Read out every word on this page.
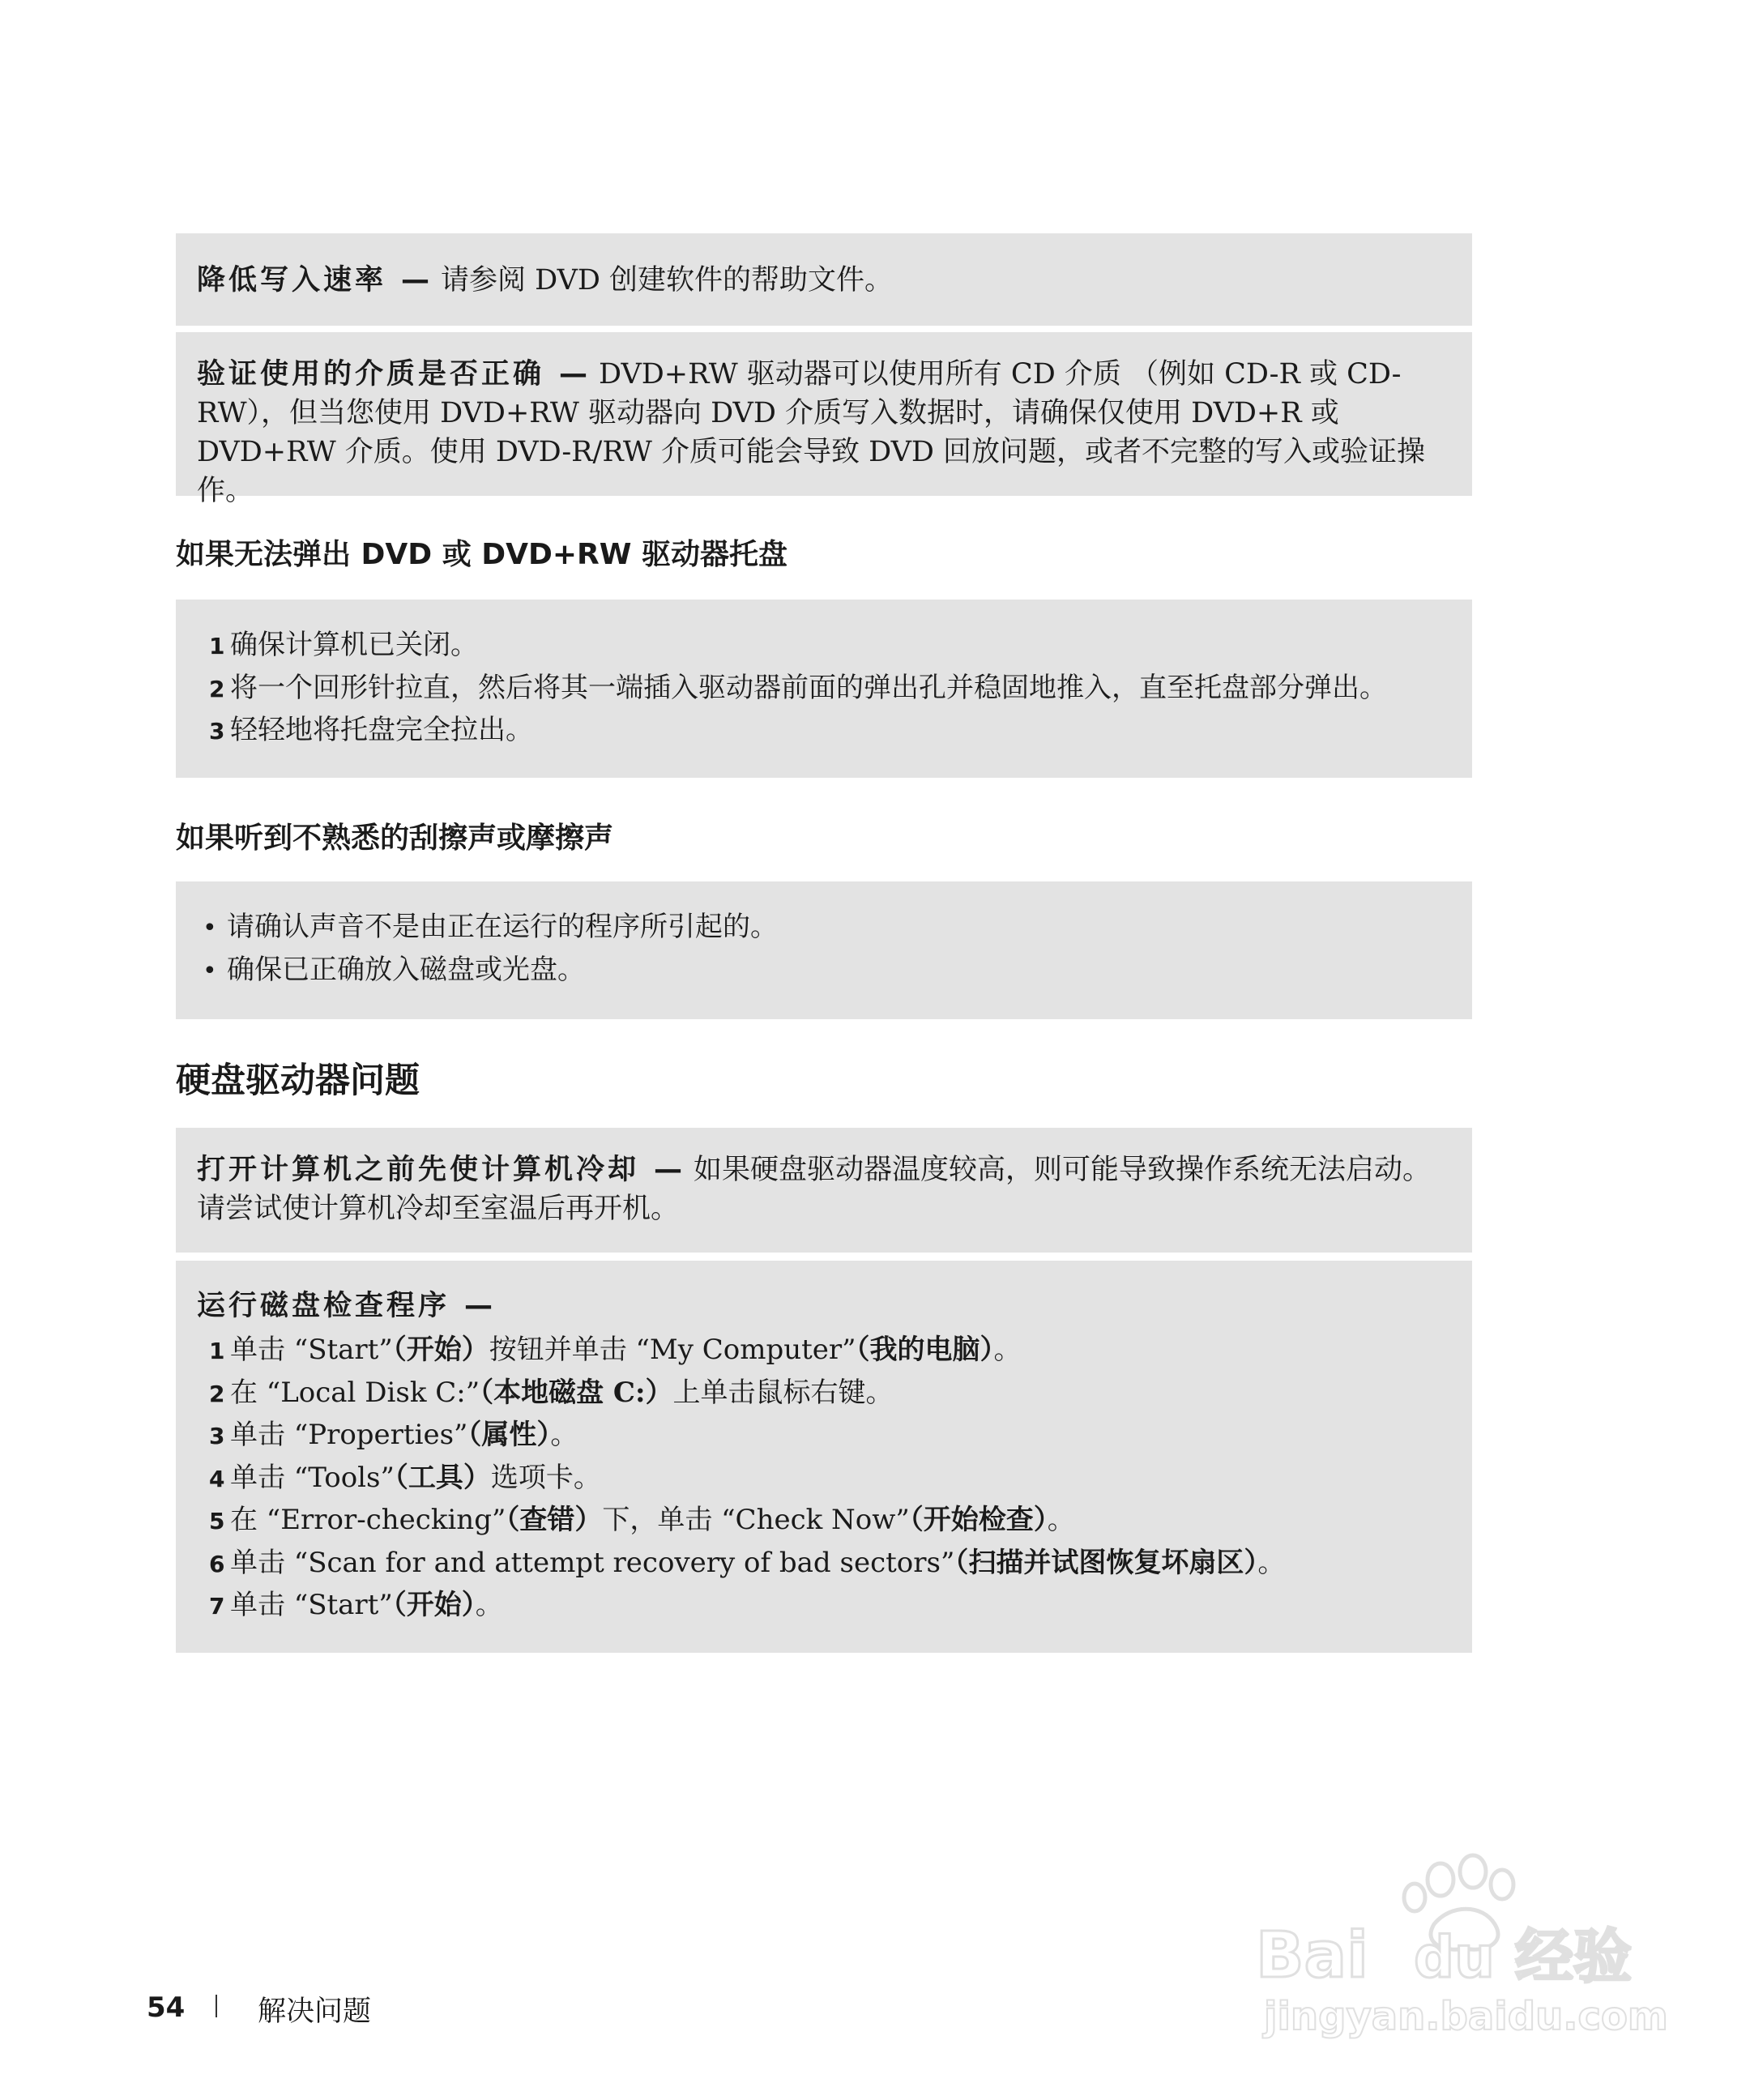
降低写入速率 — 请参阅 DVD 创建软件的帮助文件。

验证使用的介质是否正确 — DVD+RW 驱动器可以使用所有 CD 介质 （例如 CD-R 或 CD-RW），但当您使用 DVD+RW 驱动器向 DVD 介质写入数据时，请确保仅使用 DVD+R 或 DVD+RW 介质。使用 DVD-R/RW 介质可能会导致 DVD 回放问题，或者不完整的写入或验证操作。

如果无法弹出 DVD 或 DVD+RW 驱动器托盘
1 确保计算机已关闭。
2 将一个回形针拉直，然后将其一端插入驱动器前面的弹出孔并稳固地推入，直至托盘部分弹出。
3 轻轻地将托盘完全拉出。
如果听到不熟悉的刮擦声或摩擦声
• 请确认声音不是由正在运行的程序所引起的。
• 确保已正确放入磁盘或光盘。
硬盘驱动器问题

打开计算机之前先使计算机冷却 — 如果硬盘驱动器温度较高，则可能导致操作系统无法启动。请尝试使计算机冷却至室温后再开机。

运行磁盘检查程序 —

1 单击 “Start”（开始）按钮并单击 “My Computer”（我的电脑）。
2 在 “Local Disk C:”（本地磁盘 C:）上单击鼠标右键。
3 单击 “Properties”（属性）。
4 单击 “Tools”（工具）选项卡。
5 在 “Error-checking”（查错）下，单击 “Check Now”（开始检查）。
6 单击 “Scan for and attempt recovery of bad sectors”（扫描并试图恢复坏扇区）。
7 单击 “Start”（开始）。
Bai du 经验
jingyan.baidu.com
54	解决问题
